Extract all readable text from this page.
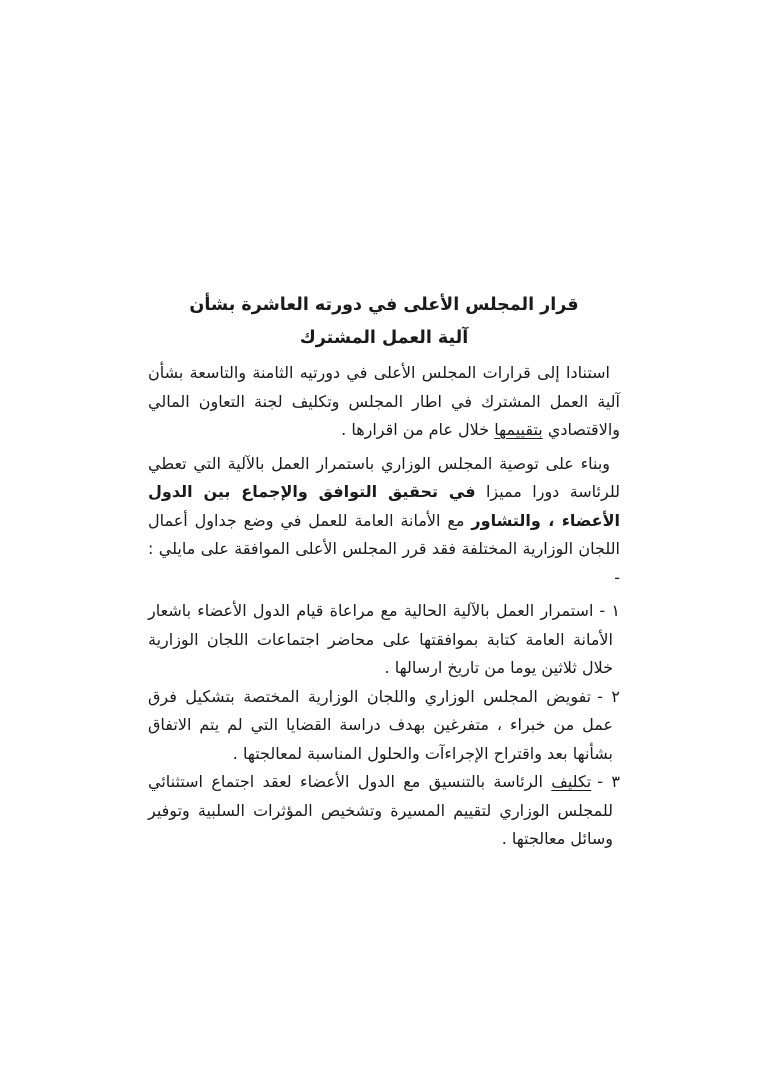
قرار المجلس الأعلى في دورته العاشرة بشأن
آلية العمل المشترك

استنادا إلى قرارات المجلس الأعلى في دورتيه الثامنة والتاسعة بشأن آلية العمل المشترك في اطار المجلس وتكليف لجنة التعاون المالي والاقتصادي بتقييمها خلال عام من اقرارها .

وبناء على توصية المجلس الوزاري باستمرار العمل بالآلية التي تعطي للرئاسة دورا مميزا في تحقيق التوافق والإجماع بين الدول الأعضاء ، والتشاور مع الأمانة العامة للعمل في وضع جداول أعمال اللجان الوزارية المختلفة فقد قرر المجلس الأعلى الموافقة على مايلي : -

١ -استمرار العمل بالآلية الحالية مع مراعاة قيام الدول الأعضاء باشعار الأمانة العامة كتابة بموافقتها على محاضر اجتماعات اللجان الوزارية خلال ثلاثين يوما من تاريخ ارسالها .
٢ -تفويض المجلس الوزاري واللجان الوزارية المختصة بتشكيل فرق عمل من خبراء ، متفرغين بهدف دراسة القضايا التي لم يتم الاتفاق بشأنها بعد واقتراح الإجراءآت والحلول المناسبة لمعالجتها .
٣ -تكليف الرئاسة بالتنسيق مع الدول الأعضاء لعقد اجتماع استثنائي للمجلس الوزاري لتقييم المسيرة وتشخيص المؤثرات السلبية وتوفير وسائل معالجتها .
